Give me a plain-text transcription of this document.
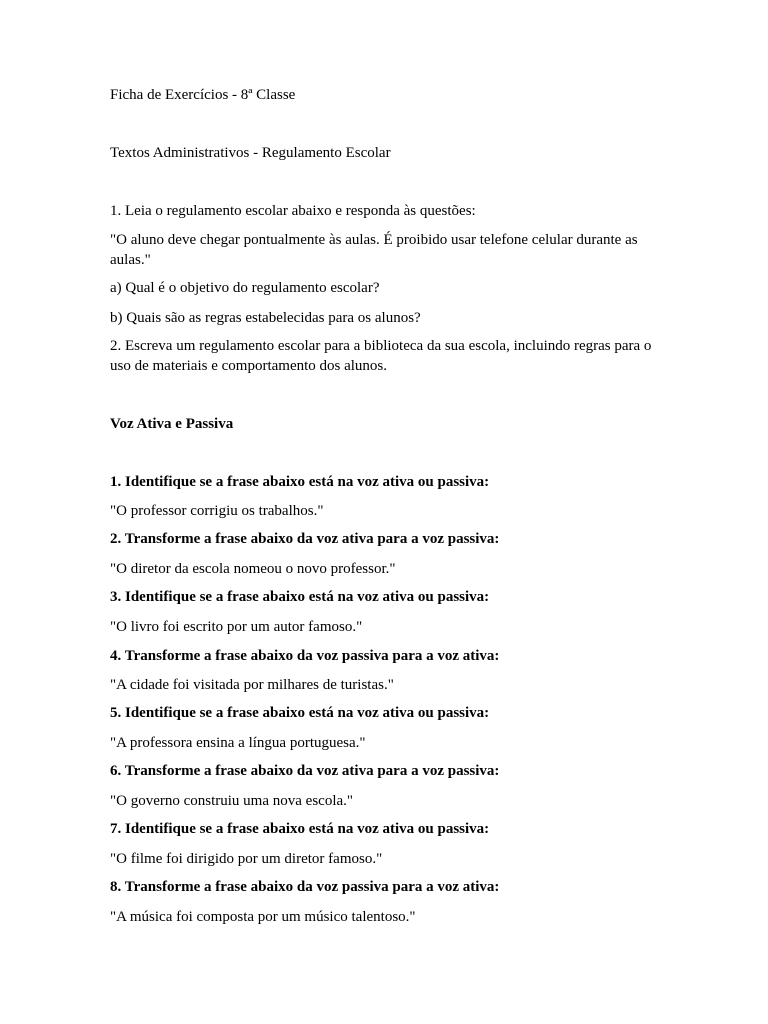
Ficha de Exercícios - 8ª Classe
Textos Administrativos - Regulamento Escolar
1. Leia o regulamento escolar abaixo e responda às questões:
"O aluno deve chegar pontualmente às aulas. É proibido usar telefone celular durante as aulas."
a) Qual é o objetivo do regulamento escolar?
b) Quais são as regras estabelecidas para os alunos?
2. Escreva um regulamento escolar para a biblioteca da sua escola, incluindo regras para o uso de materiais e comportamento dos alunos.
Voz Ativa e Passiva
1. Identifique se a frase abaixo está na voz ativa ou passiva:
"O professor corrigiu os trabalhos."
2. Transforme a frase abaixo da voz ativa para a voz passiva:
"O diretor da escola nomeou o novo professor."
3. Identifique se a frase abaixo está na voz ativa ou passiva:
"O livro foi escrito por um autor famoso."
4. Transforme a frase abaixo da voz passiva para a voz ativa:
"A cidade foi visitada por milhares de turistas."
5. Identifique se a frase abaixo está na voz ativa ou passiva:
"A professora ensina a língua portuguesa."
6. Transforme a frase abaixo da voz ativa para a voz passiva:
"O governo construiu uma nova escola."
7. Identifique se a frase abaixo está na voz ativa ou passiva:
"O filme foi dirigido por um diretor famoso."
8. Transforme a frase abaixo da voz passiva para a voz ativa:
"A música foi composta por um músico talentoso."
